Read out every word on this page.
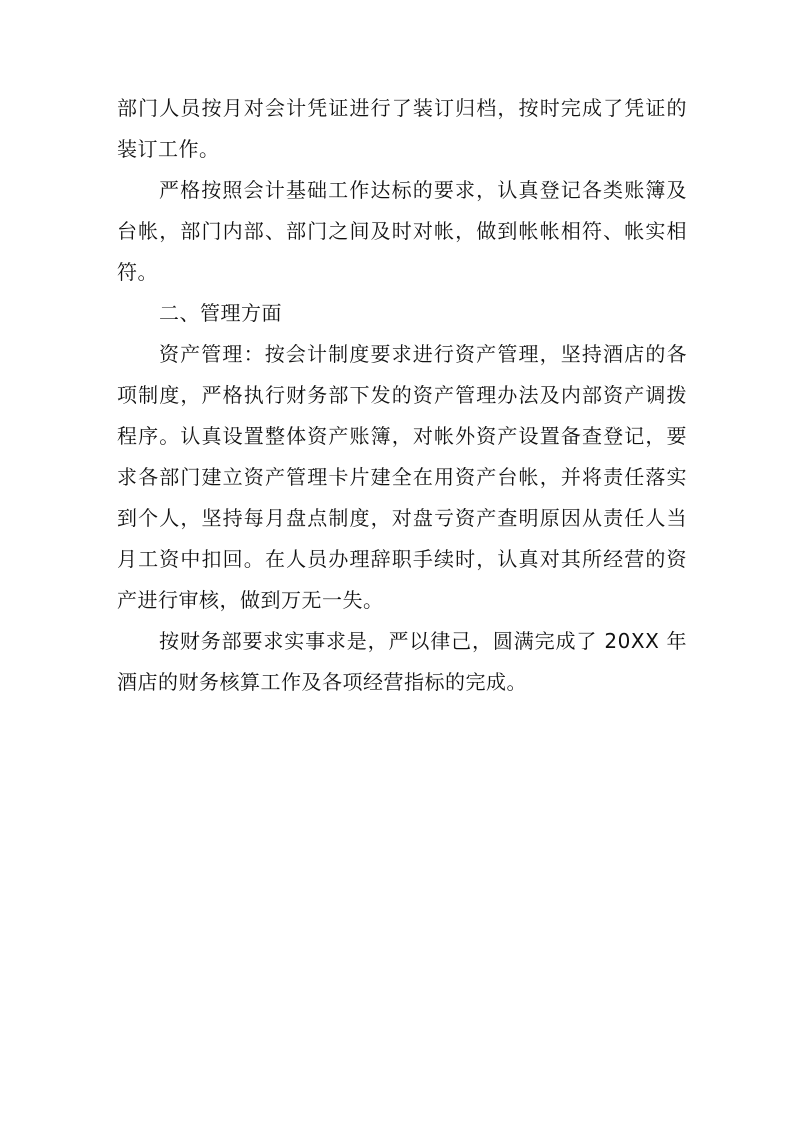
部门人员按月对会计凭证进行了装订归档，按时完成了凭证的装订工作。

严格按照会计基础工作达标的要求，认真登记各类账簿及台帐，部门内部、部门之间及时对帐，做到帐帐相符、帐实相符。

二、管理方面

资产管理：按会计制度要求进行资产管理，坚持酒店的各项制度，严格执行财务部下发的资产管理办法及内部资产调拨程序。认真设置整体资产账簿，对帐外资产设置备查登记，要求各部门建立资产管理卡片建全在用资产台帐，并将责任落实到个人，坚持每月盘点制度，对盘亏资产查明原因从责任人当月工资中扣回。在人员办理辞职手续时，认真对其所经营的资产进行审核，做到万无一失。

按财务部要求实事求是，严以律己，圆满完成了 20XX 年酒店的财务核算工作及各项经营指标的完成。
